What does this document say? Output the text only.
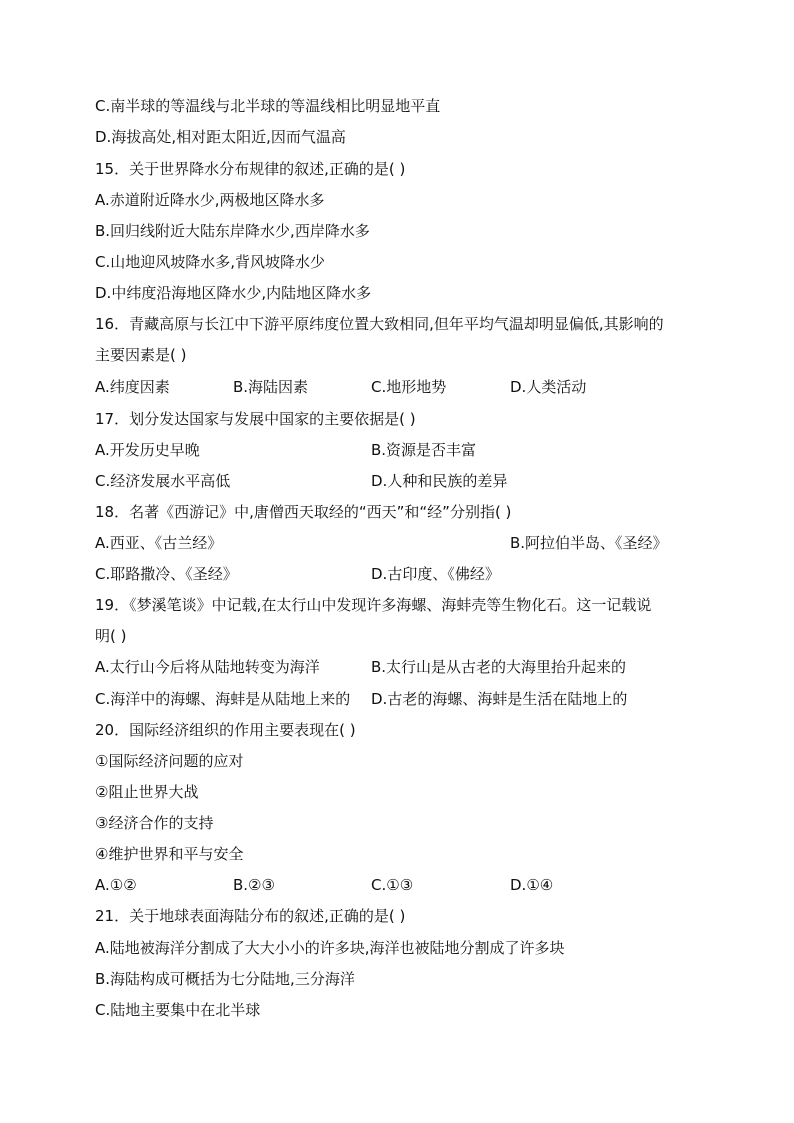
C.南半球的等温线与北半球的等温线相比明显地平直
D.海拔高处,相对距太阳近,因而气温高
15．关于世界降水分布规律的叙述,正确的是( )
A.赤道附近降水少,两极地区降水多
B.回归线附近大陆东岸降水少,西岸降水多
C.山地迎风坡降水多,背风坡降水少
D.中纬度沿海地区降水少,内陆地区降水多
16．青藏高原与长江中下游平原纬度位置大致相同,但年平均气温却明显偏低,其影响的
主要因素是( )
A.纬度因素	B.海陆因素	C.地形地势	D.人类活动
17．划分发达国家与发展中国家的主要依据是( )
A.开发历史早晚	B.资源是否丰富
C.经济发展水平高低	D.人种和民族的差异
18．名著《西游记》中,唐僧西天取经的“西天”和“经”分别指( )
A.西亚、《古兰经》	B.阿拉伯半岛、《圣经》
C.耶路撒冷、《圣经》	D.古印度、《佛经》
19．《梦溪笔谈》中记载,在太行山中发现许多海螺、海蚌壳等生物化石。这一记载说
明( )
A.太行山今后将从陆地转变为海洋	B.太行山是从古老的大海里抬升起来的
C.海洋中的海螺、海蚌是从陆地上来的 D.古老的海螺、海蚌是生活在陆地上的
20．国际经济组织的作用主要表现在( )
①国际经济问题的应对
②阻止世界大战
③经济合作的支持
④维护世界和平与安全
A.①②	B.②③	C.①③	D.①④
21．关于地球表面海陆分布的叙述,正确的是( )
A.陆地被海洋分割成了大大小小的许多块,海洋也被陆地分割成了许多块
B.海陆构成可概括为七分陆地,三分海洋
C.陆地主要集中在北半球
